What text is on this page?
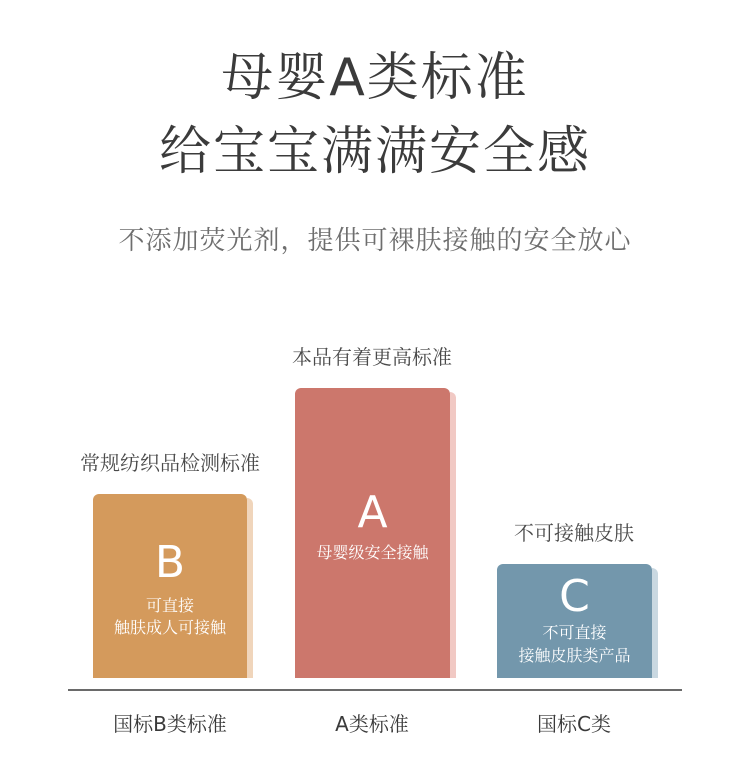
母婴A类标准
给宝宝满满安全感
不添加荧光剂，提供可裸肤接触的安全放心
常规纺织品检测标准
B
可直接
触肤成人可接触
本品有着更高标准
A
母婴级安全接触
不可接触皮肤
C
不可直接
接触皮肤类产品
国标B类标准	A类标准	国标C类
